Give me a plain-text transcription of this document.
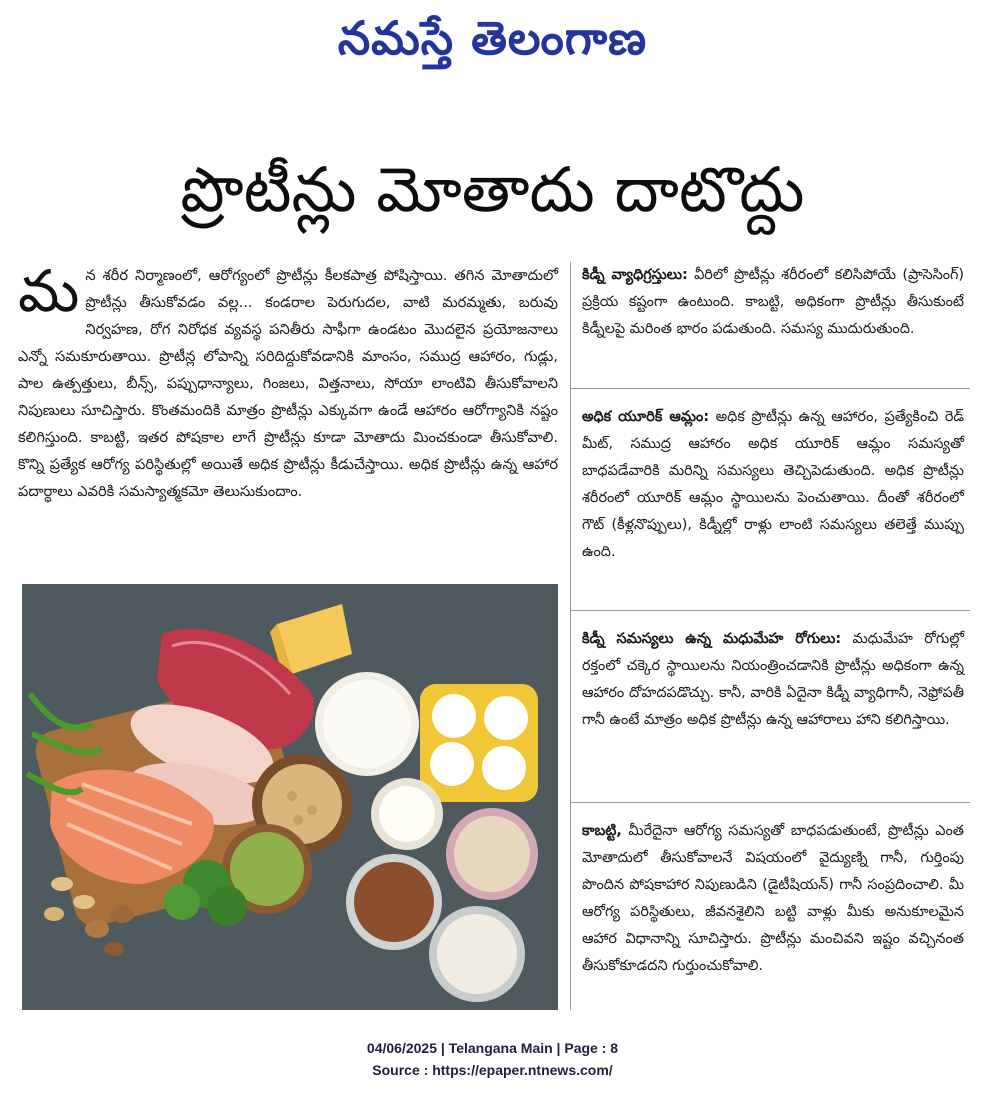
నమస్తే తెలంగాణ
ప్రొటీన్లు మోతాదు దాటొద్దు
మ న శరీర నిర్మాణంలో, ఆరోగ్యంలో ప్రొటీన్లు కీలకపాత్ర పోషిస్తాయి. తగిన మోతాదులో ప్రొటీన్లు తీసుకోవడం వల్ల... కండరాల పెరుగుదల, వాటి మరమ్మతు, బరువు నిర్వహణ, రోగ నిరోధక వ్యవస్థ పనితీరు సాఫీగా ఉండటం మొదలైన ప్రయోజనాలు ఎన్నో సమకూరుతాయి. ప్రొటీన్ల లోపాన్ని సరిదిద్దుకోవడానికి మాంసం, సముద్ర ఆహారం, గుడ్లు, పాల ఉత్పత్తులు, బీన్స్, పప్పుధాన్యాలు, గింజలు, విత్తనాలు, సోయా లాంటివి తీసుకోవాలని నిపుణులు సూచిస్తారు. కొంతమందికి మాత్రం ప్రొటీన్లు ఎక్కువగా ఉండే ఆహారం ఆరోగ్యానికి నష్టం కలిగిస్తుంది. కాబట్టి, ఇతర పోషకాల లాగే ప్రొటీన్లు కూడా మోతాదు మించకుండా తీసుకోవాలి. కొన్ని ప్రత్యేక ఆరోగ్య పరిస్థితుల్లో అయితే అధిక ప్రొటీన్లు కీడుచేస్తాయి. అధిక ప్రొటీన్లు ఉన్న ఆహార పదార్థాలు ఎవరికి సమస్యాత్మకమో తెలుసుకుందాం.
కిడ్నీ వ్యాధిగ్రస్తులు: వీరిలో ప్రొటీన్లు శరీరంలో కలిసిపోయే (ప్రాసెసింగ్) ప్రక్రియ కష్టంగా ఉంటుంది. కాబట్టి, అధికంగా ప్రొటీన్లు తీసుకుంటే కిడ్నీలపై మరింత భారం పడుతుంది. సమస్య ముదురుతుంది.
అధిక యూరిక్ ఆమ్లం: అధిక ప్రొటీన్లు ఉన్న ఆహారం, ప్రత్యేకించి రెడ్ మీట్, సముద్ర ఆహారం అధిక యూరిక్ ఆమ్లం సమస్యతో బాధపడేవారికి మరిన్ని సమస్యలు తెచ్చిపెడుతుంది. అధిక ప్రొటీన్లు శరీరంలో యూరిక్ ఆమ్లం స్థాయిలను పెంచుతాయి. దీంతో శరీరంలో గౌట్ (కీళ్లనొప్పులు), కిడ్నీల్లో రాళ్లు లాంటి సమస్యలు తలెత్తే ముప్పు ఉంది.
కిడ్నీ సమస్యలు ఉన్న మధుమేహ రోగులు: మధుమేహ రోగుల్లో రక్తంలో చక్కెర స్థాయిలను నియంత్రించడానికి ప్రొటీన్లు అధికంగా ఉన్న ఆహారం దోహదపడొచ్చు. కానీ, వారికి ఏదైనా కిడ్నీ వ్యాధిగానీ, నెఫ్రోపతీ గానీ ఉంటే మాత్రం అధిక ప్రొటీన్లు ఉన్న ఆహారాలు హాని కలిగిస్తాయి.
కాబట్టి, మీరేదైనా ఆరోగ్య సమస్యతో బాధపడుతుంటే, ప్రొటీన్లు ఎంత మోతాదులో తీసుకోవాలనే విషయంలో వైద్యుణ్ని గానీ, గుర్తింపు పొందిన పోషకాహార నిపుణుడిని (డైటీషియన్) గానీ సంప్రదించాలి. మీ ఆరోగ్య పరిస్థితులు, జీవనశైలిని బట్టి వాళ్లు మీకు అనుకూలమైన ఆహార విధానాన్ని సూచిస్తారు. ప్రొటీన్లు మంచివని ఇష్టం వచ్చినంత తీసుకోకూడదని గుర్తుంచుకోవాలి.
04/06/2025 | Telangana Main | Page : 8
Source : https://epaper.ntnews.com/
